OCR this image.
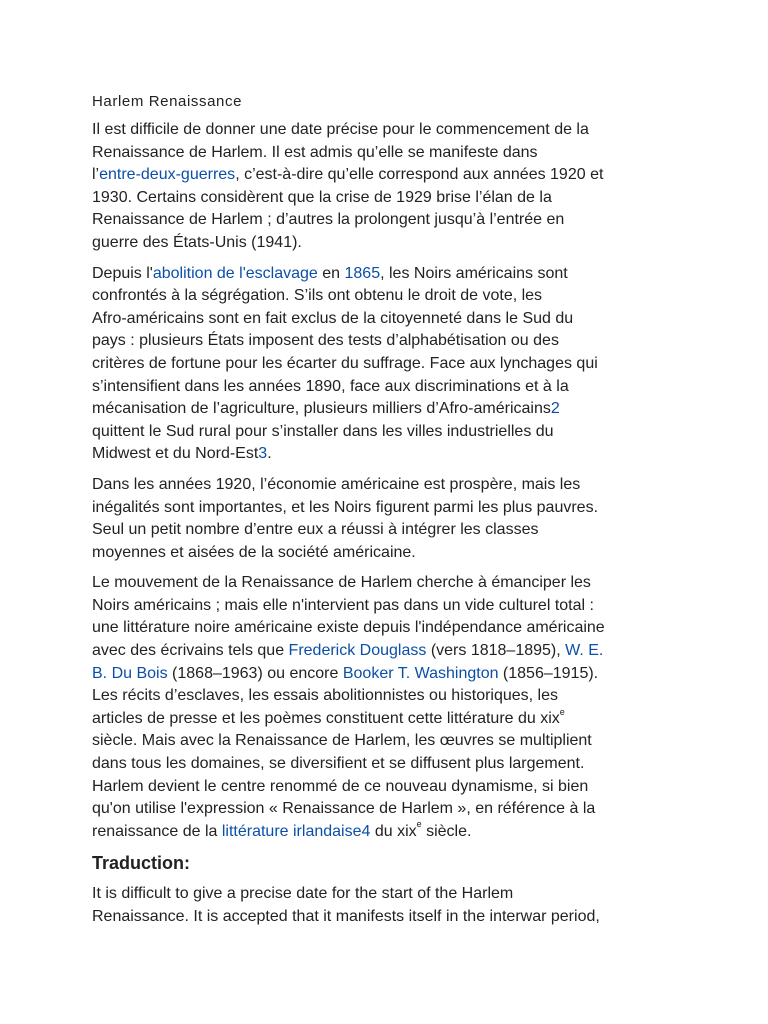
Harlem Renaissance

Il est difficile de donner une date précise pour le commencement de la
Renaissance de Harlem. Il est admis qu’elle se manifeste dans
l’entre-deux-guerres, c’est-à-dire qu’elle correspond aux années 1920 et
1930. Certains considèrent que la crise de 1929 brise l’élan de la
Renaissance de Harlem ; d’autres la prolongent jusqu’à l’entrée en
guerre des États-Unis (1941).

Depuis l'abolition de l'esclavage en 1865, les Noirs américains sont
confrontés à la ségrégation. S’ils ont obtenu le droit de vote, les
Afro-américains sont en fait exclus de la citoyenneté dans le Sud du
pays : plusieurs États imposent des tests d’alphabétisation ou des
critères de fortune pour les écarter du suffrage. Face aux lynchages qui
s’intensifient dans les années 1890, face aux discriminations et à la
mécanisation de l’agriculture, plusieurs milliers d’Afro-américains2
quittent le Sud rural pour s’installer dans les villes industrielles du
Midwest et du Nord-Est3.

Dans les années 1920, l’économie américaine est prospère, mais les
inégalités sont importantes, et les Noirs figurent parmi les plus pauvres.
Seul un petit nombre d’entre eux a réussi à intégrer les classes
moyennes et aisées de la société américaine.

Le mouvement de la Renaissance de Harlem cherche à émanciper les
Noirs américains ; mais elle n'intervient pas dans un vide culturel total :
une littérature noire américaine existe depuis l'indépendance américaine
avec des écrivains tels que Frederick Douglass (vers 1818–1895), W. E.
B. Du Bois (1868–1963) ou encore Booker T. Washington (1856–1915).
Les récits d’esclaves, les essais abolitionnistes ou historiques, les
articles de presse et les poèmes constituent cette littérature du xix$^e$
siècle. Mais avec la Renaissance de Harlem, les œuvres se multiplient
dans tous les domaines, se diversifient et se diffusent plus largement.
Harlem devient le centre renommé de ce nouveau dynamisme, si bien
qu'on utilise l'expression « Renaissance de Harlem », en référence à la
renaissance de la littérature irlandaise4 du xix$^e$ siècle.

Traduction:

It is difficult to give a precise date for the start of the Harlem
Renaissance. It is accepted that it manifests itself in the interwar period,
